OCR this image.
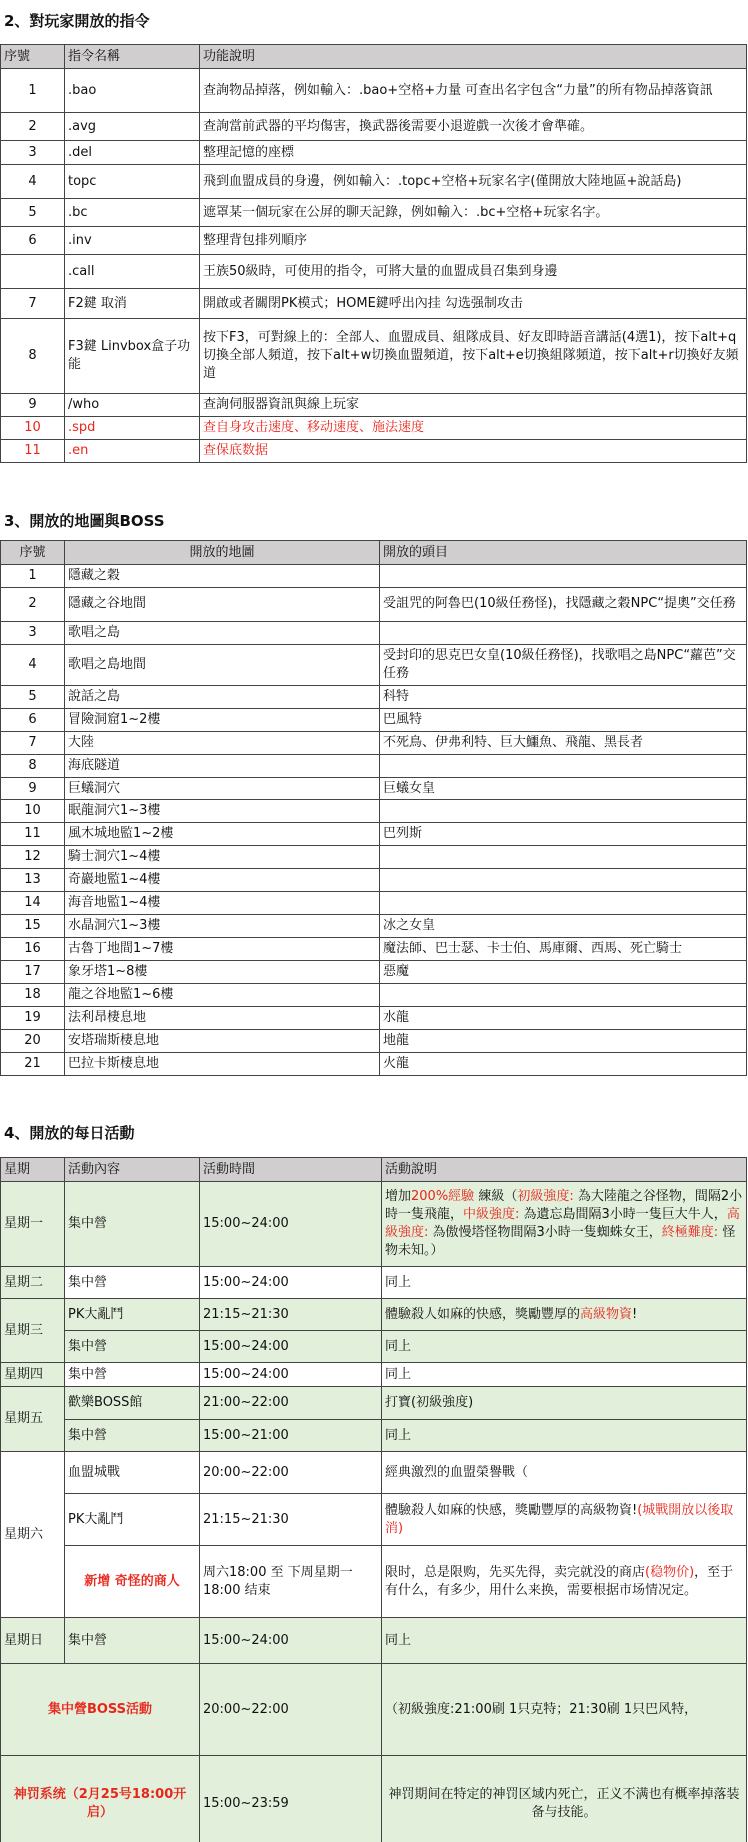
2、對玩家開放的指令
序號	指令名稱	功能說明
1	.bao	查詢物品掉落，例如輸入：.bao+空格+力量 可查出名字包含“力量”的所有物品掉落資訊
2	.avg	查詢當前武器的平均傷害，換武器後需要小退遊戲一次後才會準確。
3	.del	整理記憶的座標
4	topc	飛到血盟成員的身邊，例如輸入：.topc+空格+玩家名字(僅開放大陸地區+說話島)
5	.bc	遮罩某一個玩家在公屏的聊天記錄，例如輸入：.bc+空格+玩家名字。
6	.inv	整理背包排列順序
	.call	王族50級時，可使用的指令，可將大量的血盟成員召集到身邊
7	F2鍵 取消	開啟或者關閉PK模式；HOME鍵呼出內挂 勾选强制攻击
8	F3鍵 Linvbox盒子功能	按下F3，可對線上的：全部人、血盟成員、組隊成員、好友即時語音講話(4選1)，按下alt+q切換全部人頻道，按下alt+w切換血盟頻道，按下alt+e切換組隊頻道，按下alt+r切換好友頻道
9	/who	查詢伺服器資訊與線上玩家
10	.spd	查自身攻击速度、移动速度、施法速度
11	.en	查保底数据
3、開放的地圖與BOSS
序號	開放的地圖	開放的頭目
1	隱藏之穀	
2	隱藏之谷地間	受詛咒的阿魯巴(10級任務怪)，找隱藏之穀NPC“提奧”交任務
3	歌唱之島	
4	歌唱之島地間	受封印的思克巴女皇(10級任務怪)，找歌唱之島NPC“蘿芭”交任務
5	說話之島	科特
6	冒險洞窟1~2樓	巴風特
7	大陸	不死鳥、伊弗利特、巨大鱷魚、飛龍、黑長者
8	海底隧道	
9	巨蟻洞穴	巨蟻女皇
10	眠龍洞穴1~3樓	
11	風木城地監1~2樓	巴列斯
12	騎士洞穴1~4樓	
13	奇巖地監1~4樓	
14	海音地監1~4樓	
15	水晶洞穴1~3樓	冰之女皇
16	古魯丁地間1~7樓	魔法師、巴士瑟、卡士伯、馬庫爾、西馬、死亡騎士
17	象牙塔1~8樓	惡魔
18	龍之谷地監1~6樓	
19	法利昂棲息地	水龍
20	安塔瑞斯棲息地	地龍
21	巴拉卡斯棲息地	火龍
4、開放的每日活動
星期	活動內容	活動時間	活動說明
星期一	集中營	15:00~24:00	增加200%經驗 練級（初級強度: 為大陸龍之谷怪物，間隔2小時一隻飛龍，中級強度: 為遺忘島間隔3小時一隻巨大牛人，高級強度: 為傲慢塔怪物間隔3小時一隻蜘蛛女王，終極難度: 怪物未知。）
星期二	集中營	15:00~24:00	同上
星期三	PK大亂鬥	21:15~21:30	體驗殺人如麻的快感，獎勵豐厚的高級物資!
	集中營	15:00~24:00	同上
星期四	集中營	15:00~24:00	同上
星期五	歡樂BOSS館	21:00~22:00	打寶(初級強度)
	集中營	15:00~21:00	同上
星期六	血盟城戰	20:00~22:00	經典激烈的血盟榮譽戰（
	PK大亂鬥	21:15~21:30	體驗殺人如麻的快感，獎勵豐厚的高級物資!(城戰開放以後取消)
	新增 奇怪的商人	周六18:00 至 下周星期一18:00 结束	限时，总是限购，先买先得，卖完就没的商店(稳物价)，至于有什么，有多少，用什么来换，需要根据市场情况定。
星期日	集中營	15:00~24:00	同上
集中營BOSS活動		20:00~22:00	（初級強度:21:00刷 1只克特；21:30刷 1只巴风特，
神罚系统（2月25号18:00开启）		15:00~23:59	神罚期间在特定的神罚区域内死亡，正义不满也有概率掉落装备与技能。
